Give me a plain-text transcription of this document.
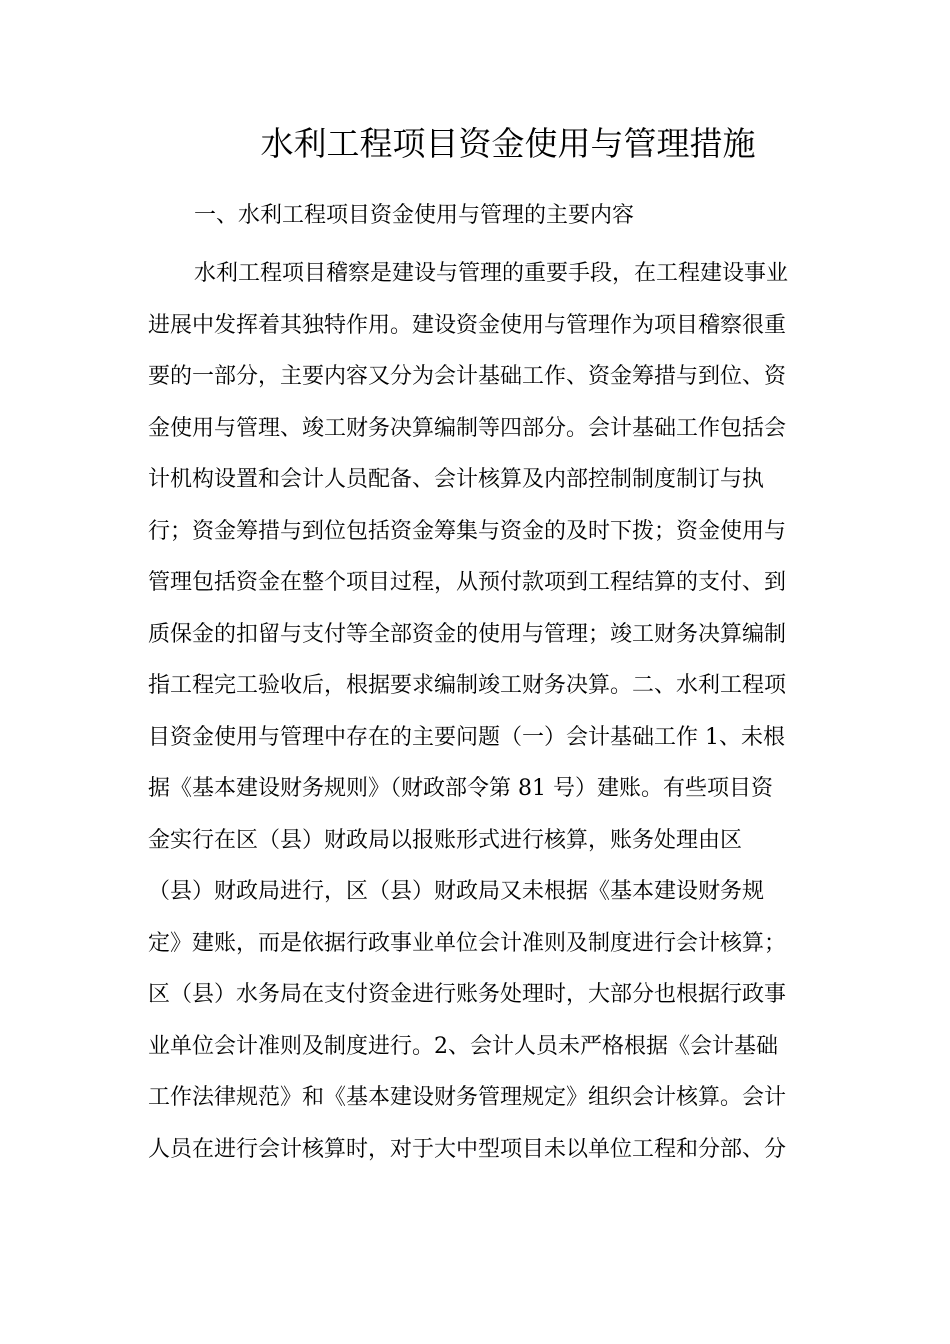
水利工程项目资金使用与管理措施
一、水利工程项目资金使用与管理的主要内容
水利工程项目稽察是建设与管理的重要手段，在工程建设事业
进展中发挥着其独特作用。建设资金使用与管理作为项目稽察很重
要的一部分，主要内容又分为会计基础工作、资金筹措与到位、资
金使用与管理、竣工财务决算编制等四部分。会计基础工作包括会
计机构设置和会计人员配备、会计核算及内部控制制度制订与执
行；资金筹措与到位包括资金筹集与资金的及时下拨；资金使用与
管理包括资金在整个项目过程，从预付款项到工程结算的支付、到
质保金的扣留与支付等全部资金的使用与管理；竣工财务决算编制
指工程完工验收后，根据要求编制竣工财务决算。二、水利工程项
目资金使用与管理中存在的主要问题（一）会计基础工作 1、未根
据《基本建设财务规则》（财政部令第 81 号）建账。有些项目资
金实行在区（县）财政局以报账形式进行核算，账务处理由区
（县）财政局进行，区（县）财政局又未根据《基本建设财务规
定》建账，而是依据行政事业单位会计准则及制度进行会计核算；
区（县）水务局在支付资金进行账务处理时，大部分也根据行政事
业单位会计准则及制度进行。2、会计人员未严格根据《会计基础
工作法律规范》和《基本建设财务管理规定》组织会计核算。会计
人员在进行会计核算时，对于大中型项目未以单位工程和分部、分
